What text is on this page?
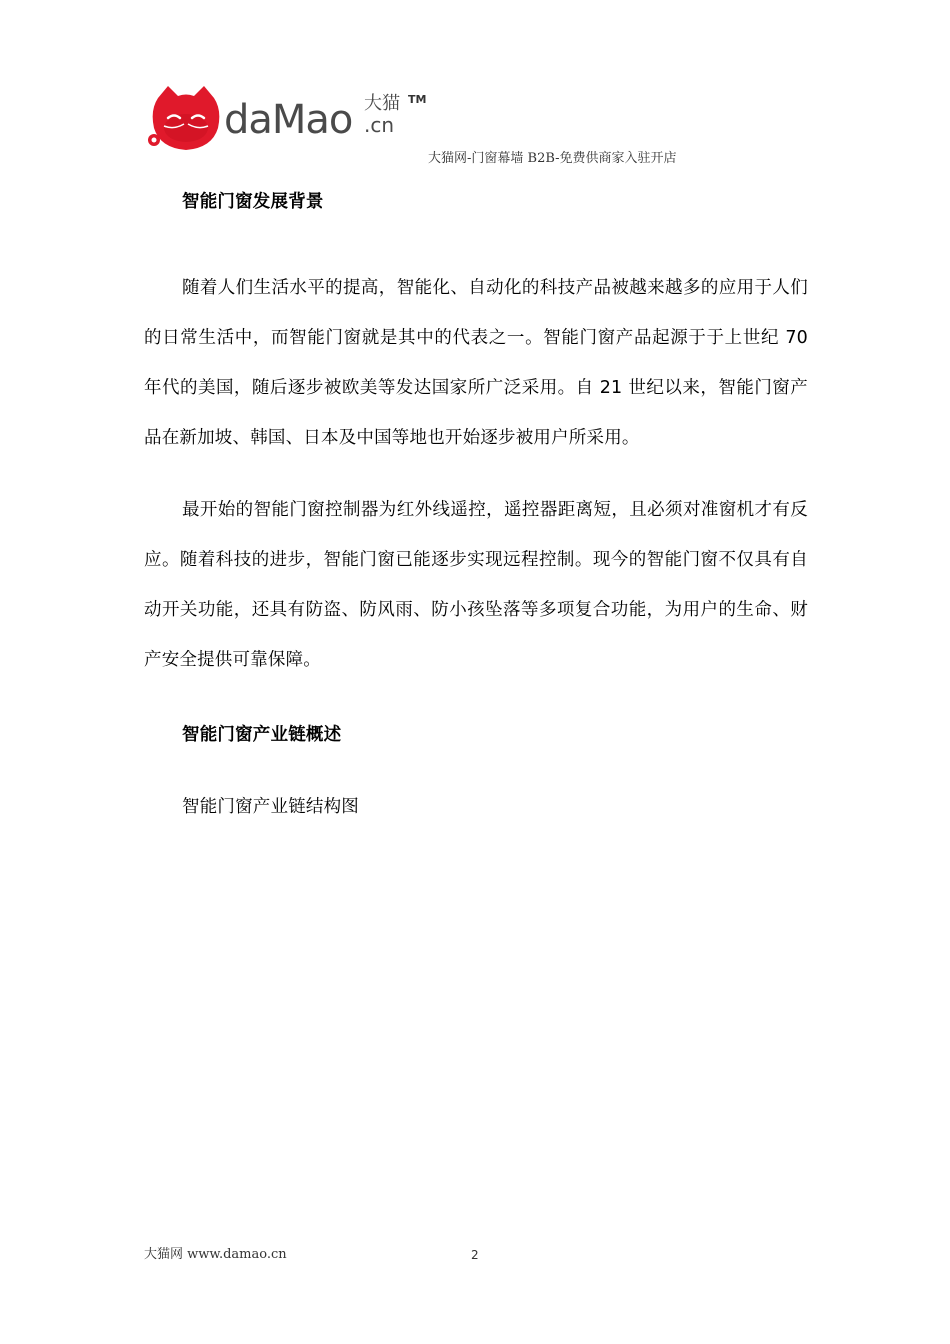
daMao 大猫
.cn
TM
大猫网-门窗幕墙 B2B-免费供商家入驻开店

智能门窗发展背景

随着人们生活水平的提高，智能化、自动化的科技产品被越来越多的应用于人们的日常生活中，而智能门窗就是其中的代表之一。智能门窗产品起源于于上世纪 70 年代的美国，随后逐步被欧美等发达国家所广泛采用。自 21 世纪以来，智能门窗产品在新加坡、韩国、日本及中国等地也开始逐步被用户所采用。

最开始的智能门窗控制器为红外线遥控，遥控器距离短，且必须对准窗机才有反应。随着科技的进步，智能门窗已能逐步实现远程控制。现今的智能门窗不仅具有自动开关功能，还具有防盗、防风雨、防小孩坠落等多项复合功能，为用户的生命、财产安全提供可靠保障。

智能门窗产业链概述

智能门窗产业链结构图

大猫网 www.damao.cn	2
